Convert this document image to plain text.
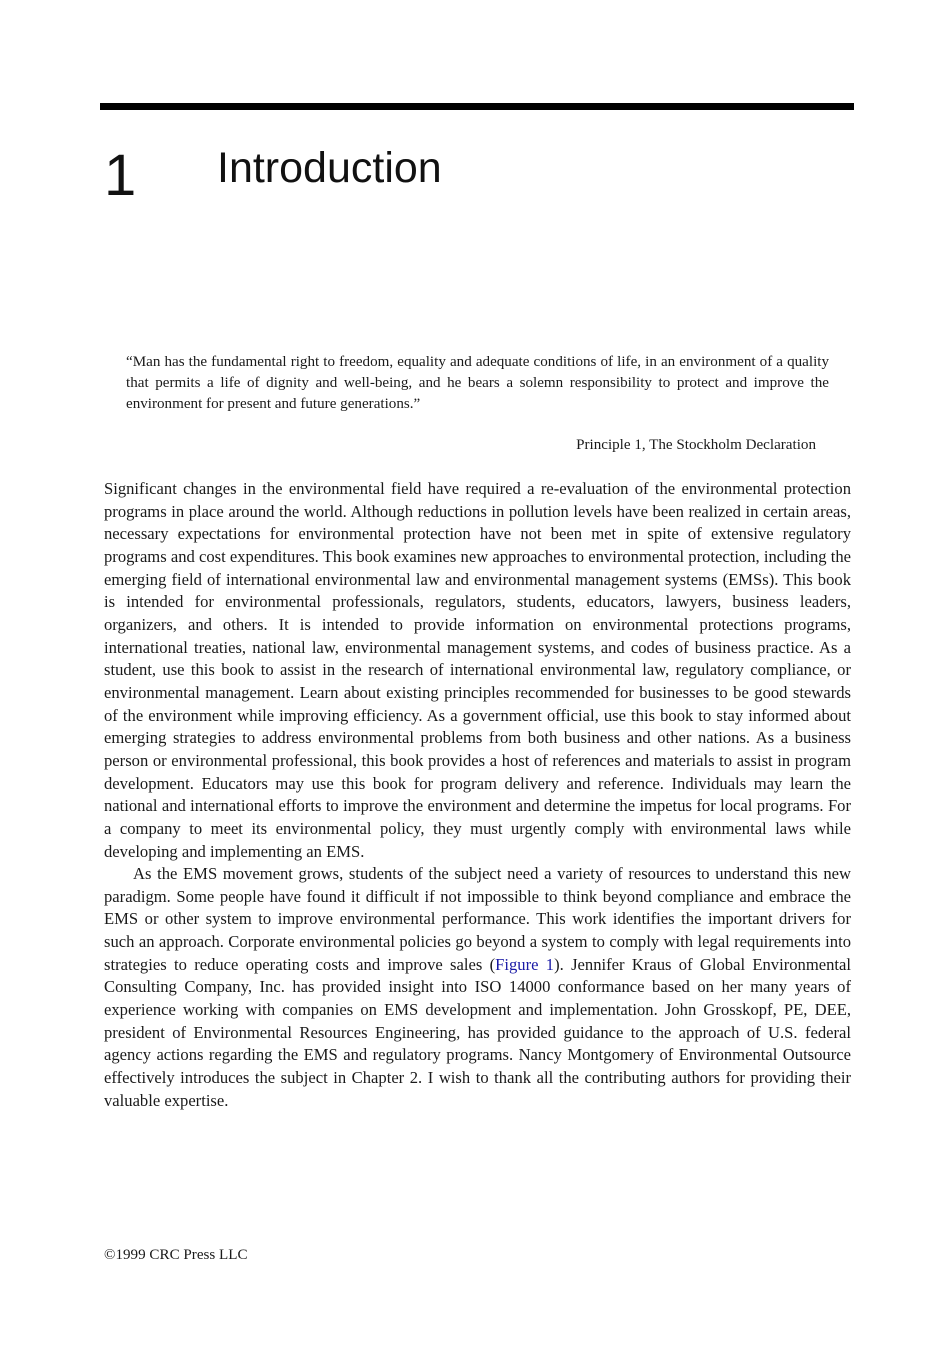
1 Introduction

“Man has the fundamental right to freedom, equality and adequate conditions of life, in an environment of a quality that permits a life of dignity and well-being, and he bears a solemn responsibility to protect and improve the environment for present and future generations.”

Principle 1, The Stockholm Declaration

Significant changes in the environmental field have required a re-evaluation of the environmental protection programs in place around the world. Although reductions in pollution levels have been realized in certain areas, necessary expectations for environmental protection have not been met in spite of extensive regulatory programs and cost expenditures. This book examines new approaches to environmental protection, including the emerging field of international environmental law and environmental management systems (EMSs). This book is intended for environmental professionals, regulators, students, educators, lawyers, business leaders, organizers, and others. It is intended to provide information on environmental protections programs, international treaties, national law, environmental management systems, and codes of business practice. As a student, use this book to assist in the research of international environmental law, regulatory compliance, or environmental management. Learn about existing principles recommended for businesses to be good stewards of the environment while improving efficiency. As a government official, use this book to stay informed about emerging strategies to address environmental problems from both business and other nations. As a business person or environmental professional, this book provides a host of references and materials to assist in program development. Educators may use this book for program delivery and reference. Individuals may learn the national and international efforts to improve the environment and determine the impetus for local programs. For a company to meet its environmental policy, they must urgently comply with environmental laws while developing and implementing an EMS.

As the EMS movement grows, students of the subject need a variety of resources to understand this new paradigm. Some people have found it difficult if not impossible to think beyond compliance and embrace the EMS or other system to improve environmental performance. This work identifies the important drivers for such an approach. Corporate environmental policies go beyond a system to comply with legal requirements into strategies to reduce operating costs and improve sales (Figure 1). Jennifer Kraus of Global Environmental Consulting Company, Inc. has provided insight into ISO 14000 conformance based on her many years of experience working with companies on EMS development and implementation. John Grosskopf, PE, DEE, president of Environmental Resources Engineering, has provided guidance to the approach of U.S. federal agency actions regarding the EMS and regulatory programs. Nancy Montgomery of Environmental Outsource effectively introduces the subject in Chapter 2. I wish to thank all the contributing authors for providing their valuable expertise.

©1999 CRC Press LLC
